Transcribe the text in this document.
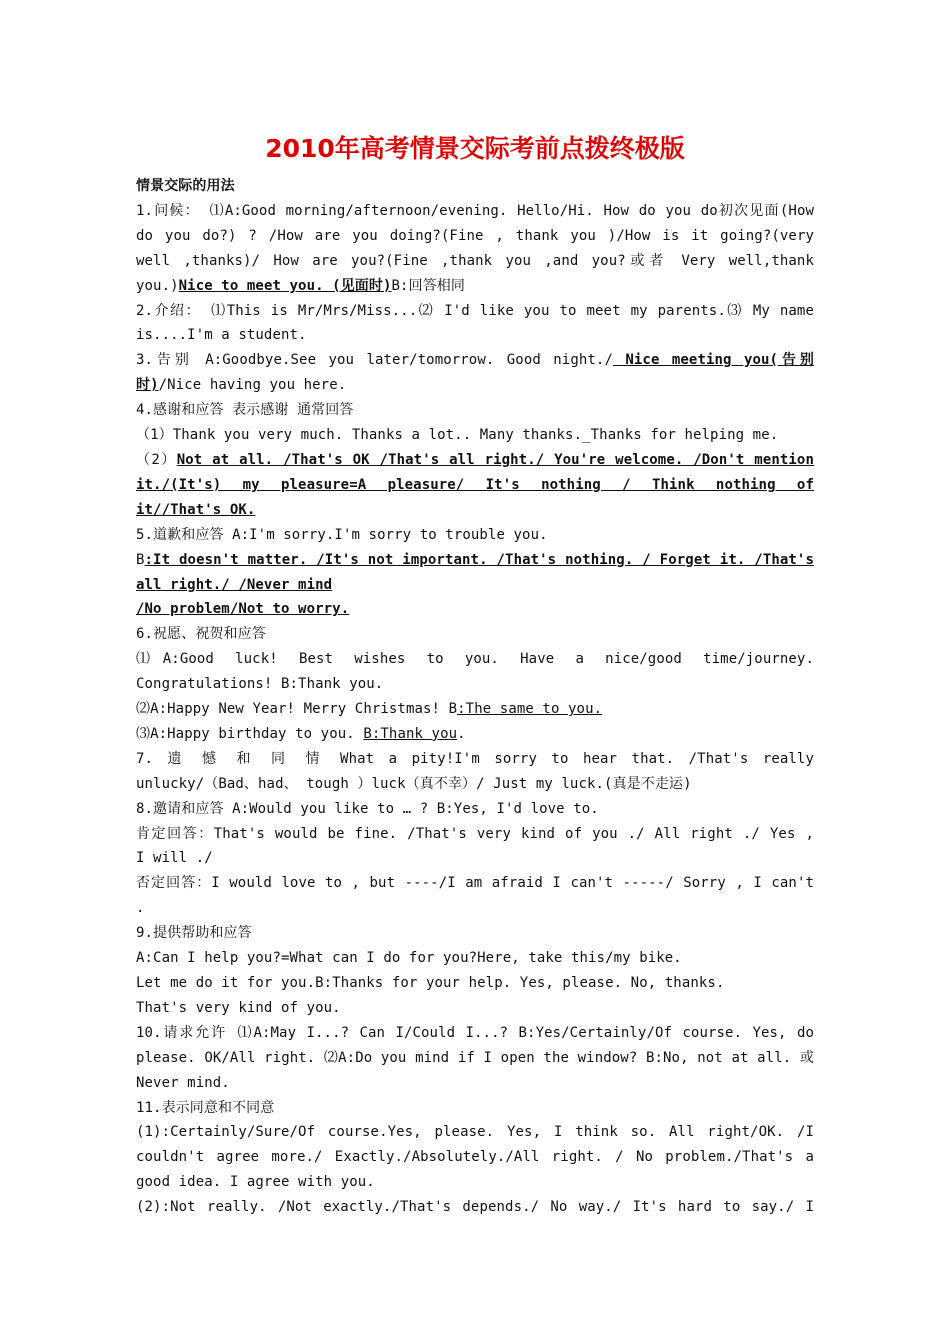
2010年高考情景交际考前点拨终极版
情景交际的用法
1.问候： ⑴A:Good morning/afternoon/evening. Hello/Hi. How do you do初次见面(How
do you do?) ? /How are you doing?(Fine , thank you )/How is it going?(very
well ,thanks)/ How are you?(Fine ,thank you ,and you?或者 Very well,thank
you.)Nice to meet you. (见面时)B:回答相同
2.介绍： ⑴This is Mr/Mrs/Miss...⑵ I'd like you to meet my parents.⑶ My name
is....I'm a student.
3.告别 A:Goodbye.See you later/tomorrow. Good night./ Nice meeting you(告别
时)/Nice having you here.
4.感谢和应答 表示感谢 通常回答
（1）Thank you very much. Thanks a lot.. Many thanks._Thanks for helping me.
（2）Not at all. /That's OK /That's all right./ You're welcome. /Don't mention
it./(It's) my pleasure=A pleasure/ It's nothing / Think nothing of
it//That's OK.
5.道歉和应答 A:I'm sorry.I'm sorry to trouble you.
B:It doesn't matter. /It's not important. /That's nothing. / Forget it. /That's
all right./ /Never mind
/No problem/Not to worry.
6.祝愿、祝贺和应答
⑴A:Good luck! Best wishes to you. Have a nice/good time/journey.
Congratulations! B:Thank you.
⑵A:Happy New Year! Merry Christmas! B:The same to you.
⑶A:Happy birthday to you. B:Thank you.
7. 遗 憾 和 同 情 What a pity!I'm sorry to hear that. /That's really
unlucky/（Bad、had、 tough ）luck（真不幸）/ Just my luck.(真是不走运)
8.邀请和应答 A:Would you like to … ? B:Yes, I'd love to.
肯定回答：That's would be fine. /That's very kind of you ./ All right ./ Yes ,
I will ./
否定回答：I would love to , but ----/I am afraid I can't -----/ Sorry , I can't
.
9.提供帮助和应答
A:Can I help you?=What can I do for you?Here, take this/my bike.
Let me do it for you.B:Thanks for your help. Yes, please. No, thanks.
That's very kind of you.
10.请求允许 ⑴A:May I...? Can I/Could I...? B:Yes/Certainly/Of course. Yes, do
please. OK/All right. ⑵A:Do you mind if I open the window? B:No, not at all. 或
Never mind.
11.表示同意和不同意
(1):Certainly/Sure/Of course.Yes, please. Yes, I think so. All right/OK. /I
couldn't agree more./ Exactly./Absolutely./All right. / No problem./That's a
good idea. I agree with you.
(2):Not really. /Not exactly./That's depends./ No way./ It's hard to say./ I
